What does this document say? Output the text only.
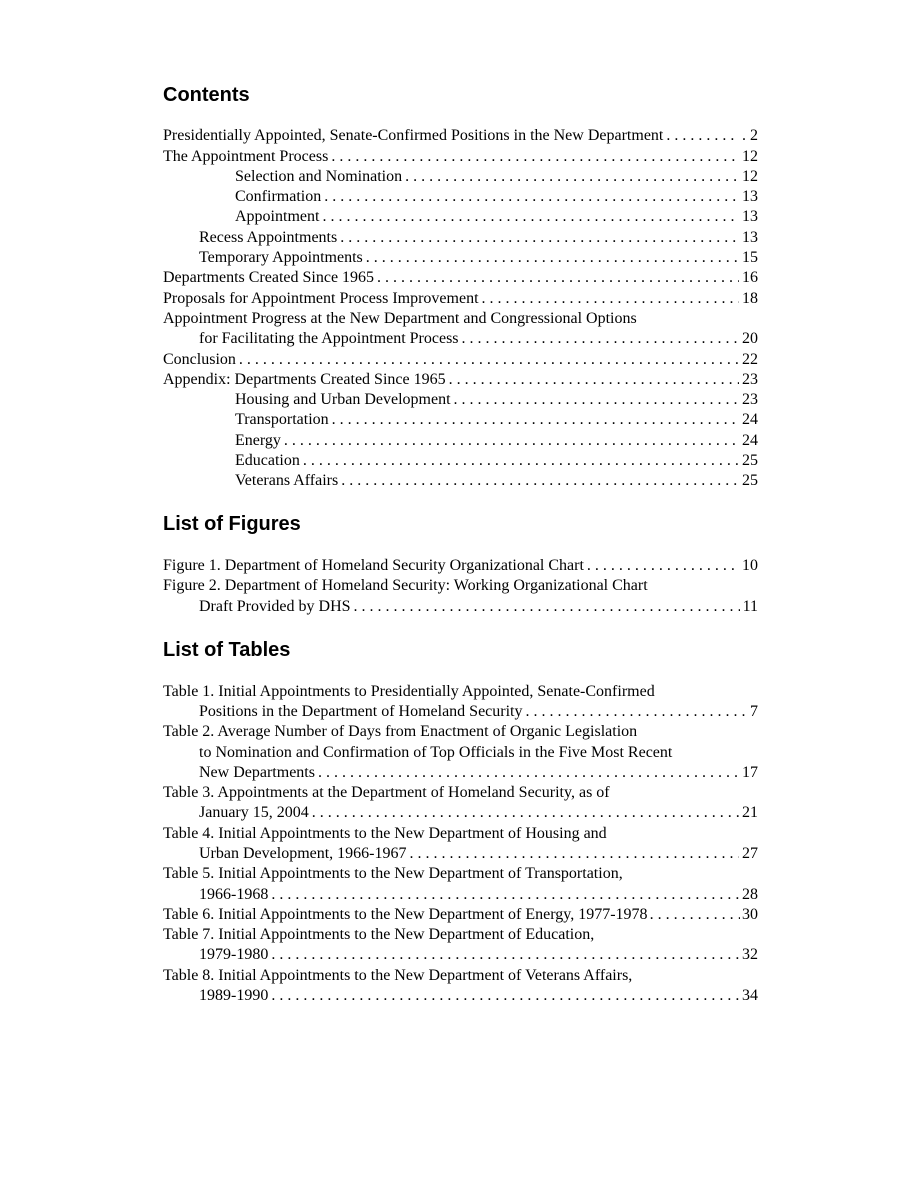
Contents
Presidentially Appointed, Senate-Confirmed Positions in the New Department . . .	. 2
The Appointment Process . . .	12
Selection and Nomination . . .	12
Confirmation . . .	13
Appointment . . .	13
Recess Appointments . . .	13
Temporary Appointments . . .	15
Departments Created Since 1965 . . .	16
Proposals for Appointment Process Improvement . . .	18
Appointment Progress at the New Department and Congressional Options
for Facilitating the Appointment Process . . .	20
Conclusion . . .	22
Appendix: Departments Created Since 1965 . . .	23
Housing and Urban Development . . .	23
Transportation . . .	24
Energy . . .	24
Education . . .	25
Veterans Affairs . . .	25
List of Figures
Figure 1. Department of Homeland Security Organizational Chart . . .	10
Figure 2. Department of Homeland Security: Working Organizational Chart
Draft Provided by DHS . . .	11
List of Tables
Table 1. Initial Appointments to Presidentially Appointed, Senate-Confirmed
Positions in the Department of Homeland Security . . .	7
Table 2. Average Number of Days from Enactment of Organic Legislation
to Nomination and Confirmation of Top Officials in the Five Most Recent
New Departments . . .	17
Table 3. Appointments at the Department of Homeland Security, as of
January 15, 2004 . . .	21
Table 4. Initial Appointments to the New Department of Housing and
Urban Development, 1966-1967 . . .	27
Table 5. Initial Appointments to the New Department of Transportation,
1966-1968 . . .	28
Table 6. Initial Appointments to the New Department of Energy, 1977-1978 . . .	30
Table 7. Initial Appointments to the New Department of Education,
1979-1980 . . .	32
Table 8. Initial Appointments to the New Department of Veterans Affairs,
1989-1990 . . .	34
